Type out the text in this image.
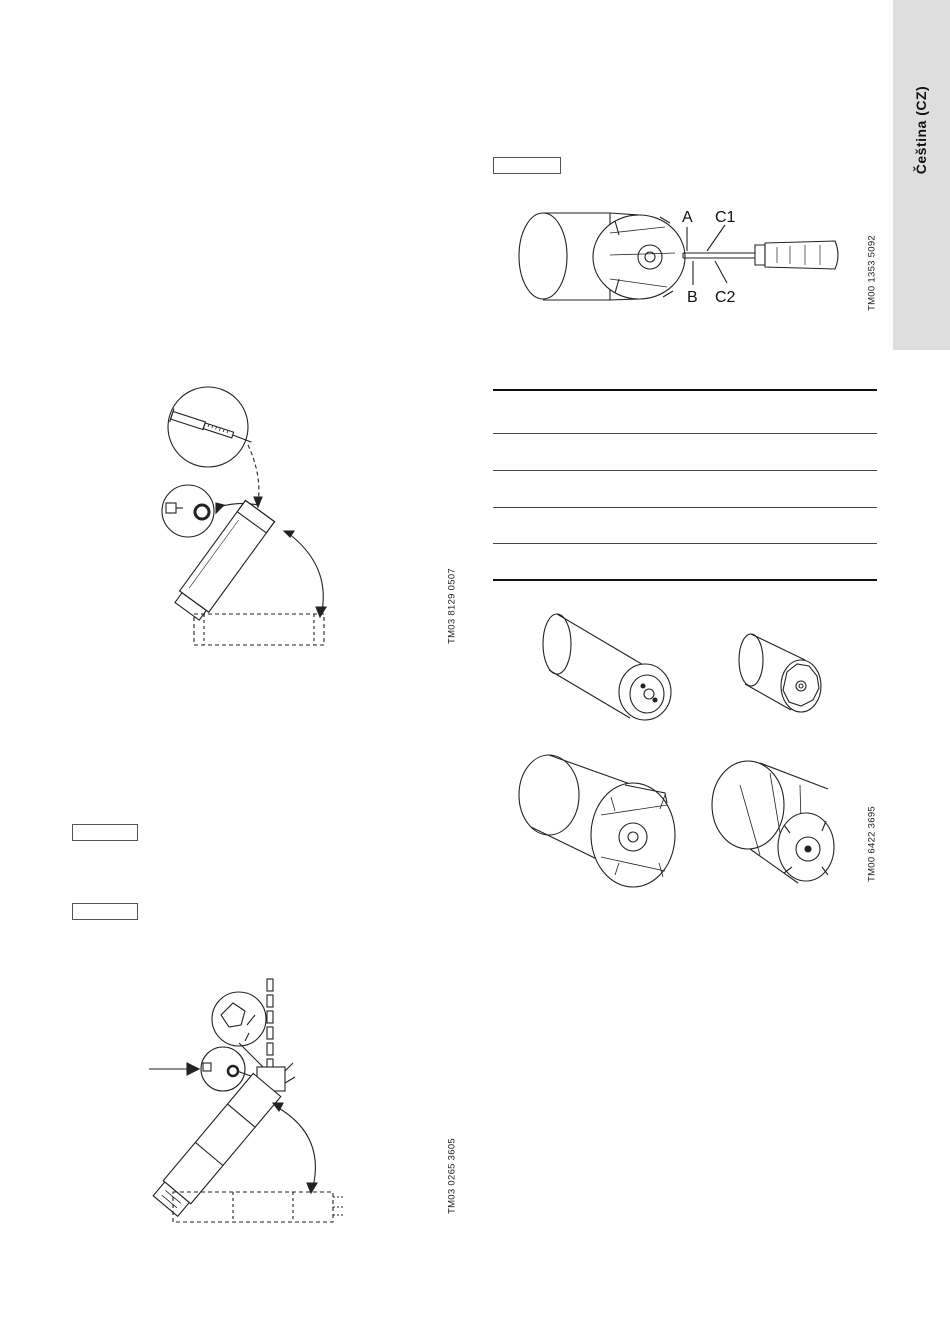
Čeština (CZ)
TM03 8129 0507
TM03 0265 3605
TM00 1353 5092
TM00 6422 3695
A C1
B C2
